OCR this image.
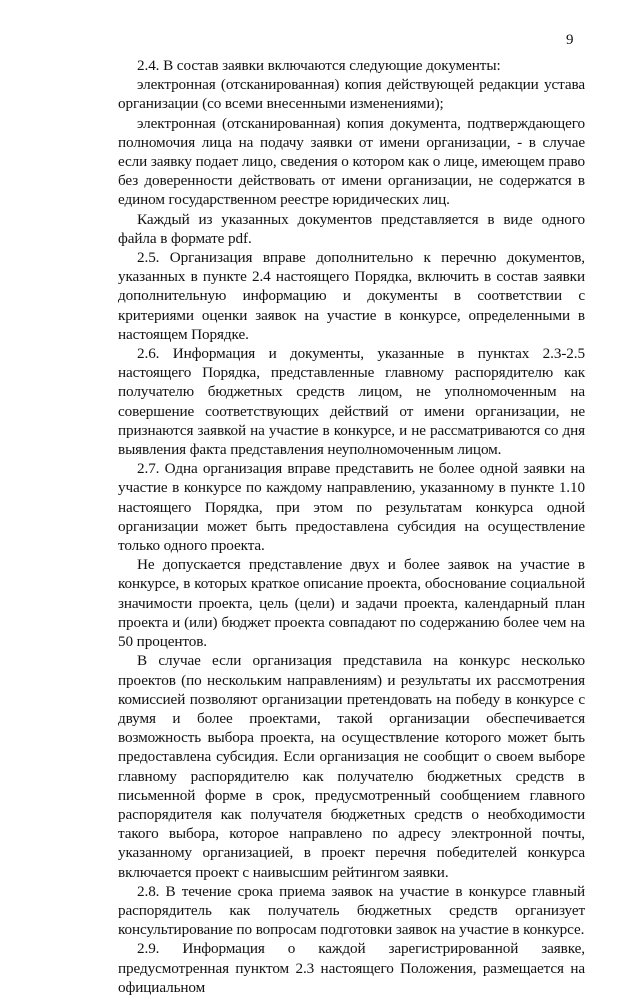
9

2.4. В состав заявки включаются следующие документы:

электронная (отсканированная) копия действующей редакции устава организации (со всеми внесенными изменениями);

электронная (отсканированная) копия документа, подтверждающего полномочия лица на подачу заявки от имени организации, - в случае если заявку подает лицо, сведения о котором как о лице, имеющем право без доверенности действовать от имени организации, не содержатся в едином государственном реестре юридических лиц.

Каждый из указанных документов представляется в виде одного файла в формате pdf.

2.5. Организация вправе дополнительно к перечню документов, указанных в пункте 2.4 настоящего Порядка, включить в состав заявки дополнительную информацию и документы в соответствии с критериями оценки заявок на участие в конкурсе, определенными в настоящем Порядке.

2.6. Информация и документы, указанные в пунктах 2.3-2.5 настоящего Порядка, представленные главному распорядителю как получателю бюджетных средств лицом, не уполномоченным на совершение соответствующих действий от имени организации, не признаются заявкой на участие в конкурсе, и не рассматриваются со дня выявления факта представления неуполномоченным лицом.

2.7. Одна организация вправе представить не более одной заявки на участие в конкурсе по каждому направлению, указанному в пункте 1.10 настоящего Порядка, при этом по результатам конкурса одной организации может быть предоставлена субсидия на осуществление только одного проекта.

Не допускается представление двух и более заявок на участие в конкурсе, в которых краткое описание проекта, обоснование социальной значимости проекта, цель (цели) и задачи проекта, календарный план проекта и (или) бюджет проекта совпадают по содержанию более чем на 50 процентов.

В случае если организация представила на конкурс несколько проектов (по нескольким направлениям) и результаты их рассмотрения комиссией позволяют организации претендовать на победу в конкурсе с двумя и более проектами, такой организации обеспечивается возможность выбора проекта, на осуществление которого может быть предоставлена субсидия. Если организация не сообщит о своем выборе главному распорядителю как получателю бюджетных средств в письменной форме в срок, предусмотренный сообщением главного распорядителя как получателя бюджетных средств о необходимости такого выбора, которое направлено по адресу электронной почты, указанному организацией, в проект перечня победителей конкурса включается проект с наивысшим рейтингом заявки.

2.8. В течение срока приема заявок на участие в конкурсе главный распорядитель как получатель бюджетных средств организует консультирование по вопросам подготовки заявок на участие в конкурсе.

2.9. Информация о каждой зарегистрированной заявке, предусмотренная пунктом 2.3 настоящего Положения, размещается на официальном
